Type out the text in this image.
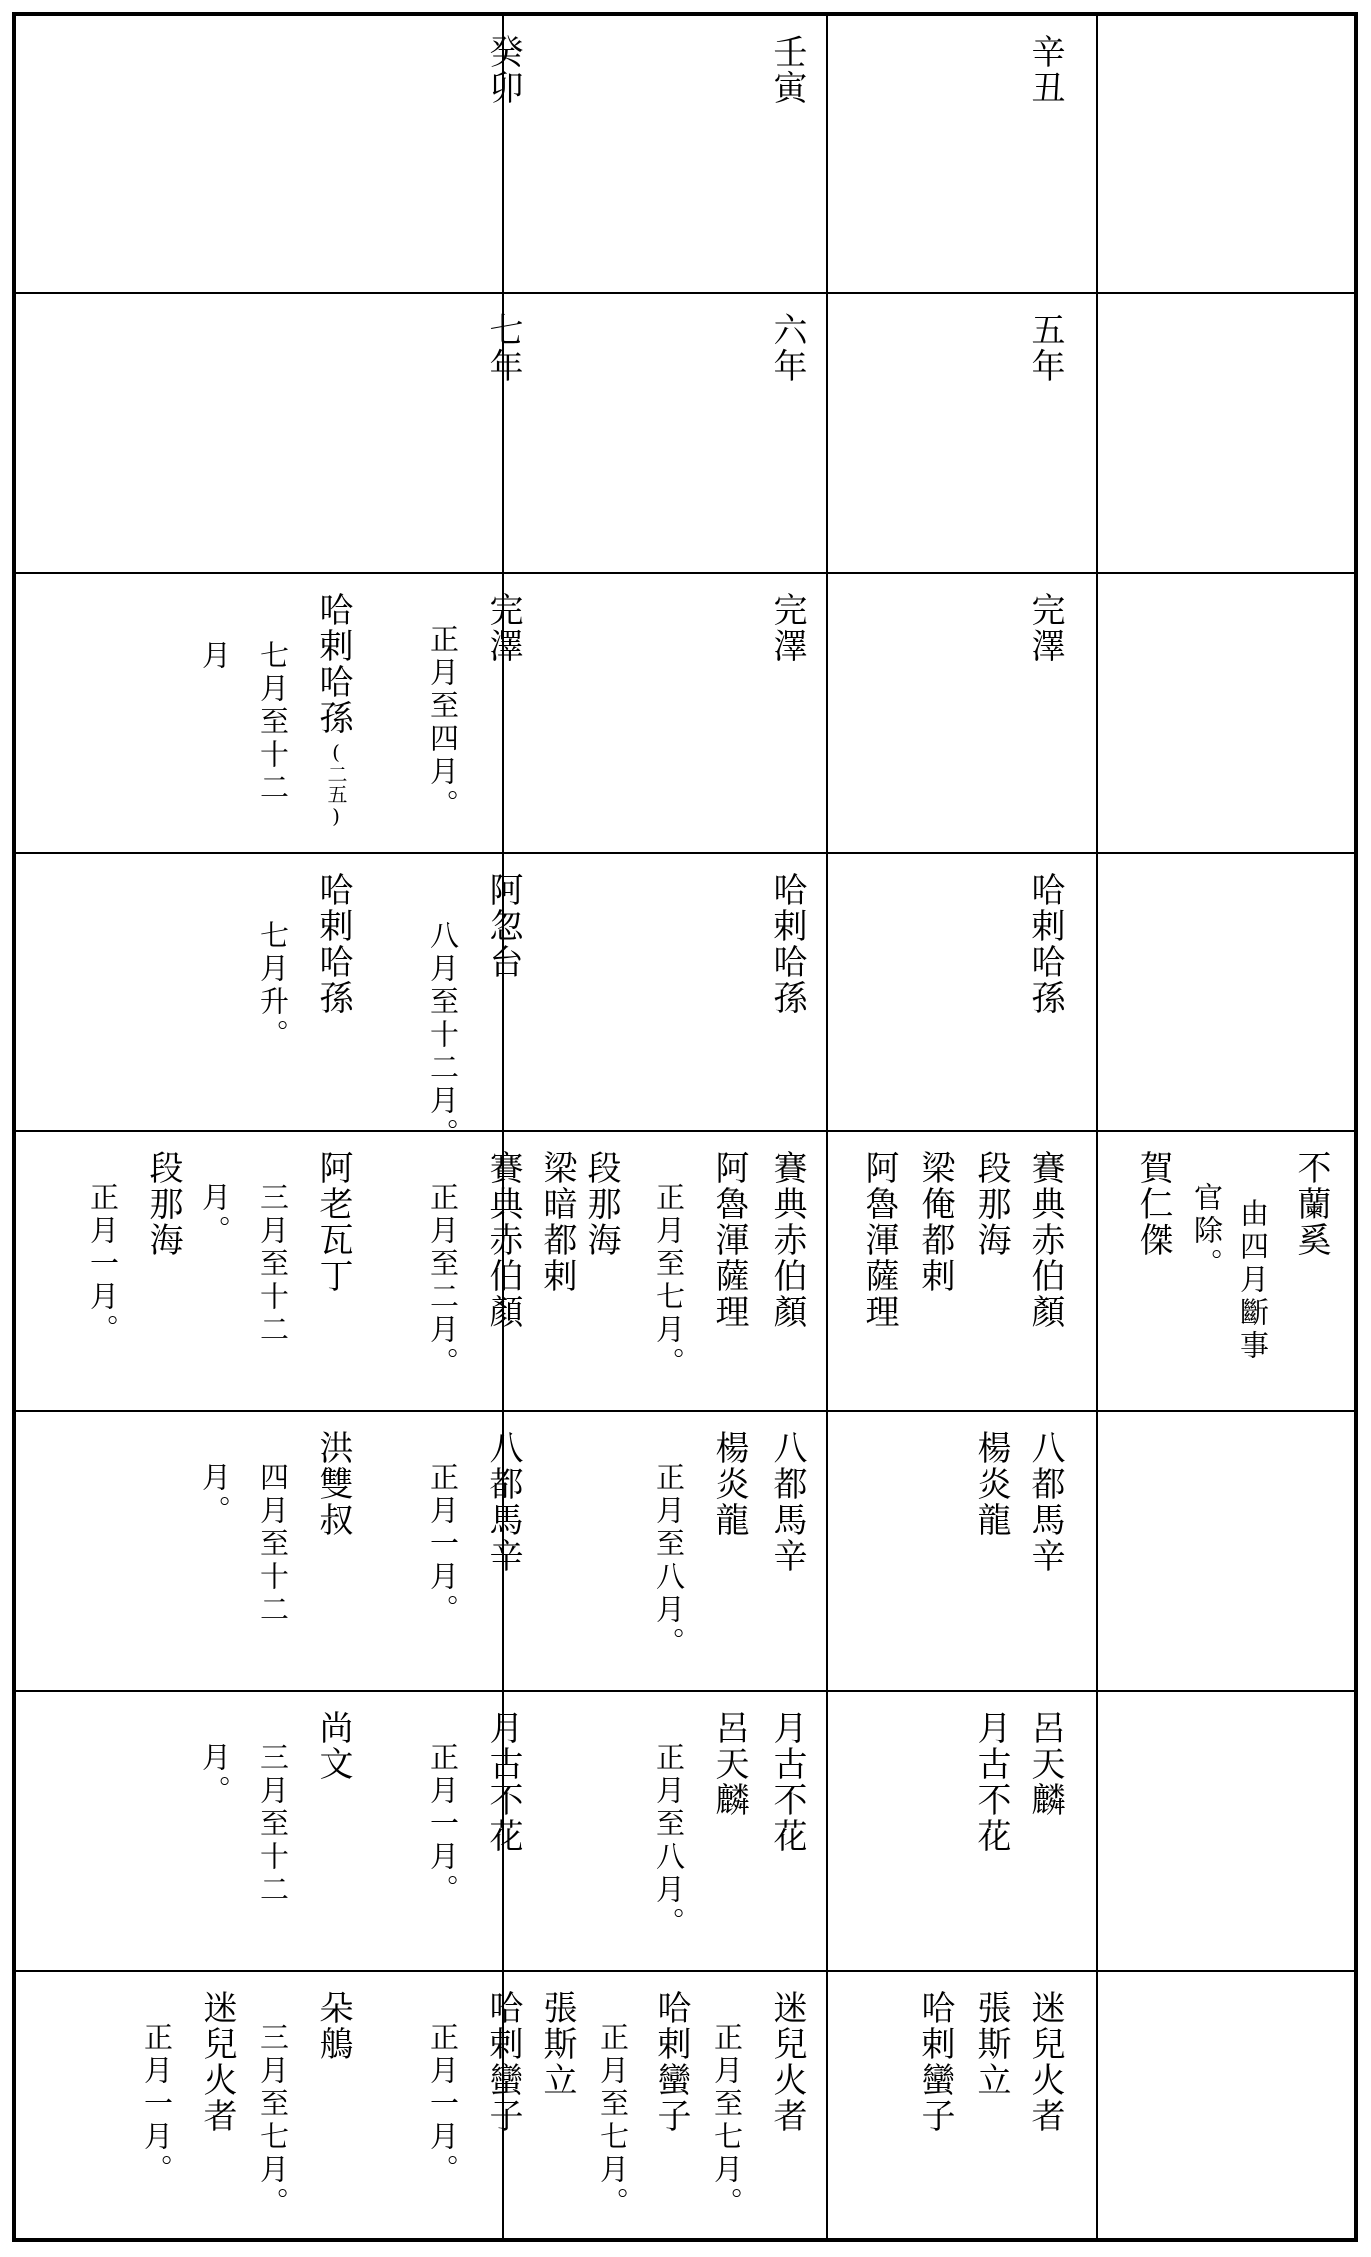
癸卯
七年
完澤
正月至四月。
哈剌哈孫
(二五)
七月至十二
月
阿忽台
八月至十二月。
哈剌哈孫
七月升。
賽典赤伯顏
正月至二月。
阿老瓦丁
三月至十二
月。
段那海
正月一月。
八都馬辛
正月一月。
洪雙叔
四月至十二
月。
月古不花
正月一月。
尚文
三月至十二
月。
哈剌蠻子
正月一月。
朵鵃
三月至七月。
迷兒火者
正月一月。
壬寅
六年
完澤
哈剌哈孫
賽典赤伯顏
阿魯渾薩理
正月至七月。
段那海
梁暗都剌
八都馬辛
楊炎龍
正月至八月。
月古不花
呂天麟
正月至八月。
迷兒火者
正月至七月。
哈剌蠻子
正月至七月。
張斯立
辛丑
五年
完澤
哈剌哈孫
賽典赤伯顏
段那海
梁俺都剌
阿魯渾薩理
八都馬辛
楊炎龍
呂天麟
月古不花
迷兒火者
張斯立
哈剌蠻子
不蘭奚
由四月斷事
官除。
賀仁傑
